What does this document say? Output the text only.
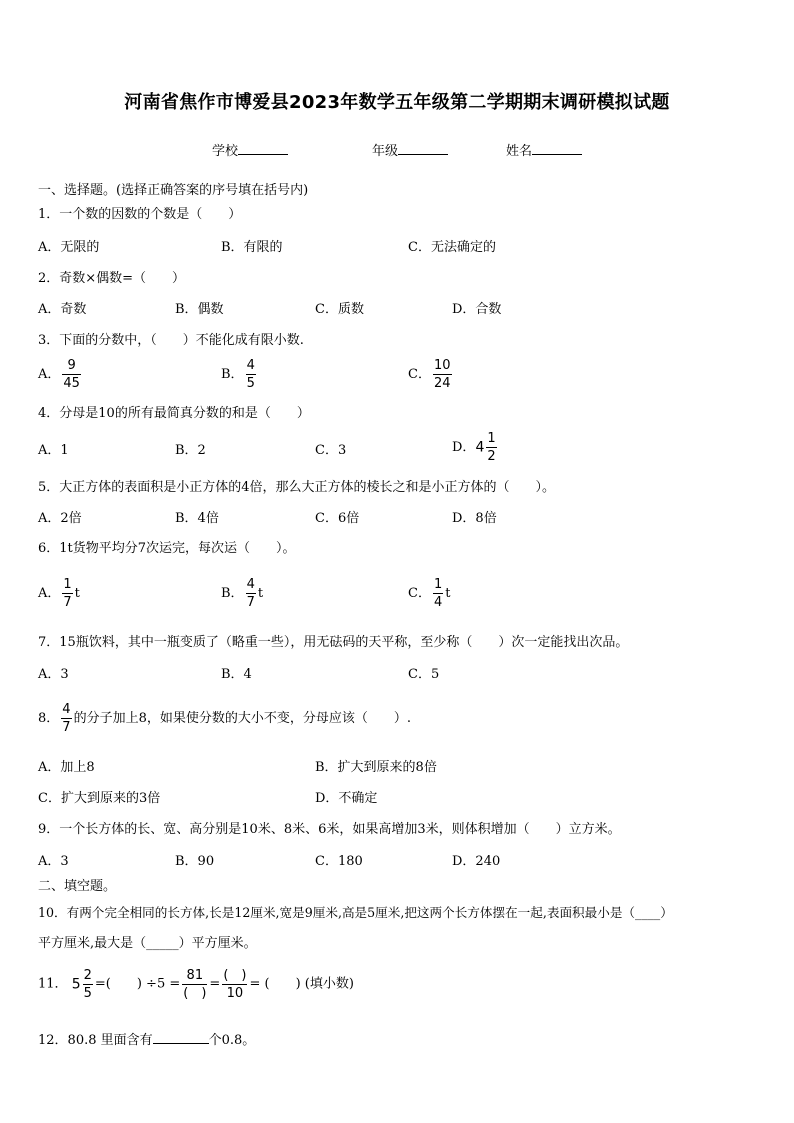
河南省焦作市博爱县2023年数学五年级第二学期期末调研模拟试题
学校	年级	姓名
一、选择题。(选择正确答案的序号填在括号内)
1．一个数的因数的个数是（　　）
A．无限的	B．有限的	C．无法确定的
2．奇数×偶数=（　　）
A．奇数	B．偶数	C．质数	D．合数
3．下面的分数中，（　　）不能化成有限小数.
A． $\frac{9}{45}$	B． $\frac{4}{5}$	C． $\frac{10}{24}$
4．分母是10的所有最简真分数的和是（　　）
A．1	B．2	C．3	D．$4 \frac{1}{2}$
5．大正方体的表面积是小正方体的4倍，那么大正方体的棱长之和是小正方体的（　　）。
A．2倍	B．4倍	C．6倍	D．8倍
6．1t货物平均分7次运完，每次运（　　）。
A． $\frac{1}{7}$ t	B． $\frac{4}{7}$ t	C． $\frac{1}{4}$ t
7．15瓶饮料，其中一瓶变质了（略重一些），用无砝码的天平称，至少称（　　）次一定能找出次品。
A．3	B．4	C．5
8． $\frac{4}{7}$ 的分子加上8，如果使分数的大小不变，分母应该（　　）.
A．加上8	B．扩大到原来的8倍
C．扩大到原来的3倍	D．不确定
9．一个长方体的长、宽、高分别是10米、8米、6米，如果高增加3米，则体积增加（　　）立方米。
A．3	B．90	C．180	D．240
二、填空题。
10．有两个完全相同的长方体,长是12厘米,宽是9厘米,高是5厘米,把这两个长方体摆在一起,表面积最小是（____）
平方厘米,最大是（_____）平方厘米。
11． $5 \frac{2}{5}$ =(　　) $\div 5 = \frac{81}{( )} = \frac{( )}{10}$ = (　　) (填小数)
12．80.8 里面含有	个0.8。
